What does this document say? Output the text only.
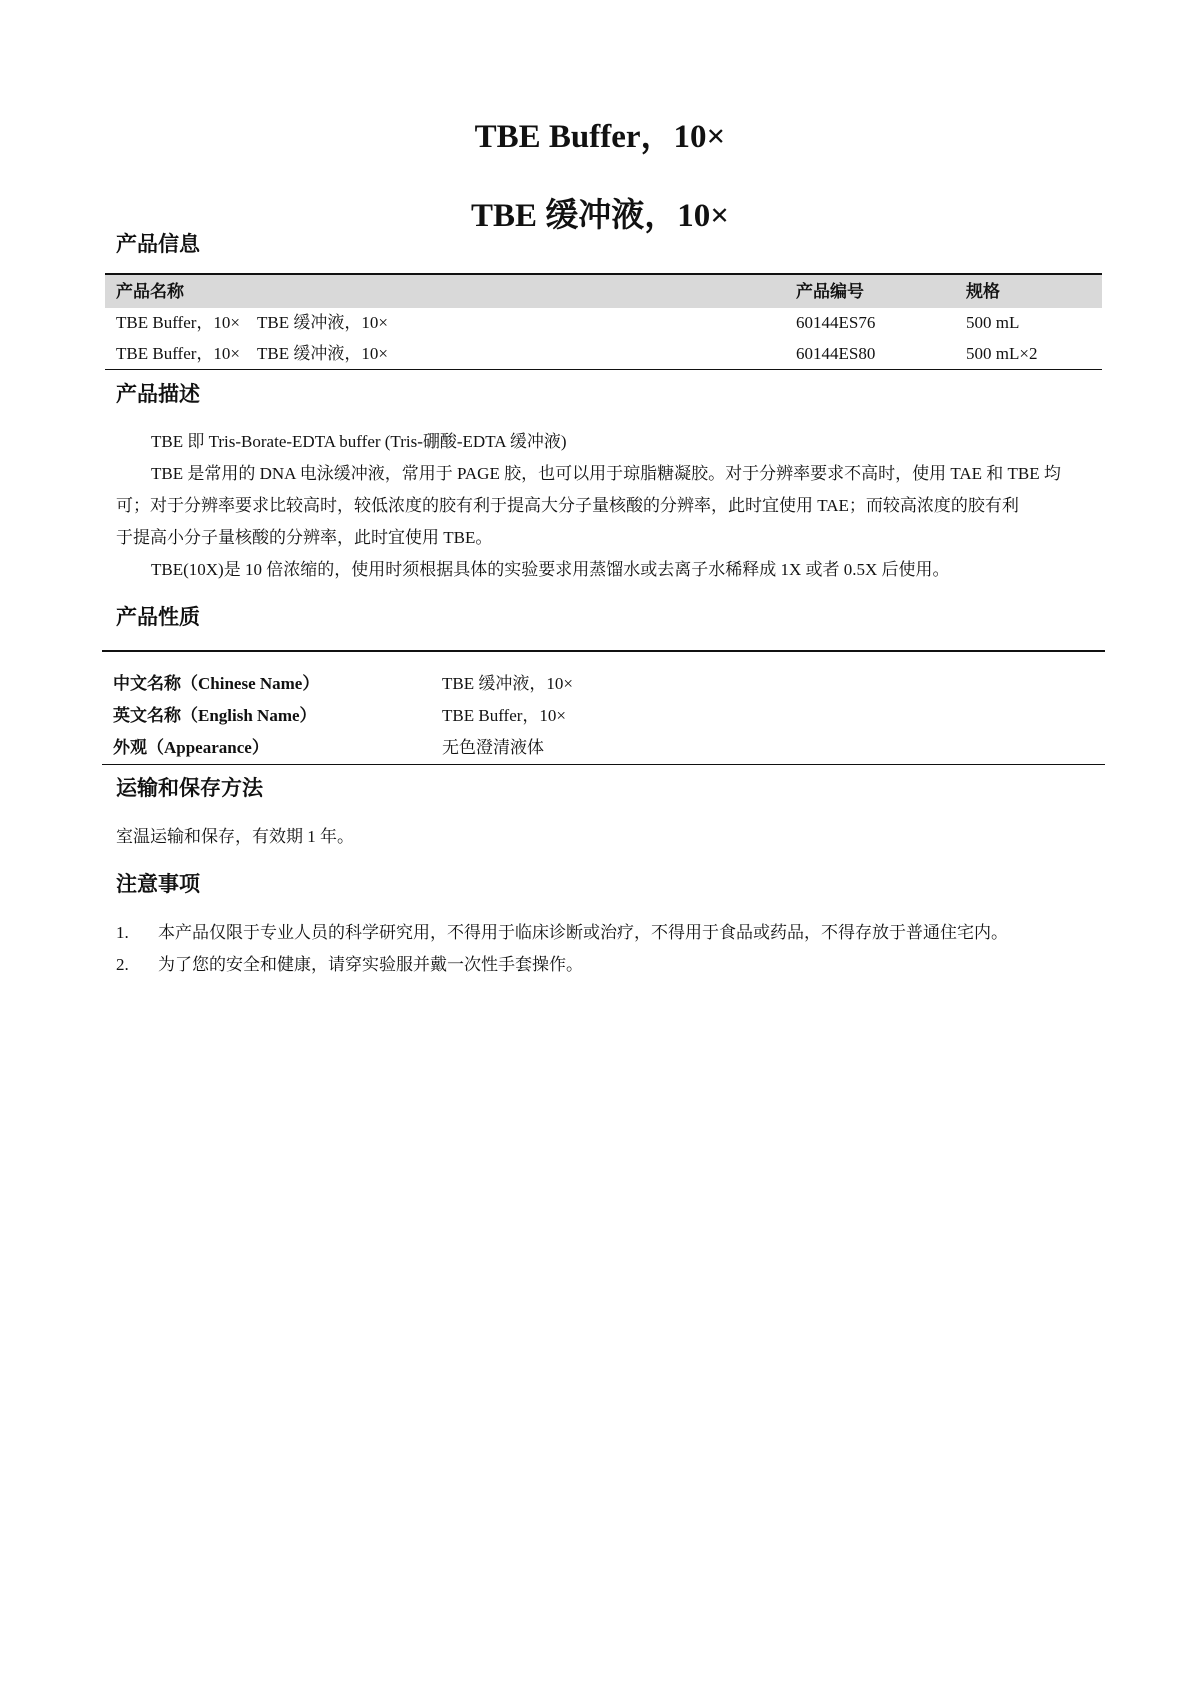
TBE Buffer，10×
TBE 缓冲液，10×
产品信息
产品名称	产品编号	规格
TBE Buffer，10×　TBE 缓冲液，10×	60144ES76	500 mL
TBE Buffer，10×　TBE 缓冲液，10×	60144ES80	500 mL×2
产品描述
TBE 即 Tris-Borate-EDTA buffer (Tris-硼酸-EDTA 缓冲液)
TBE 是常用的 DNA 电泳缓冲液，常用于 PAGE 胶，也可以用于琼脂糖凝胶。对于分辨率要求不高时，使用 TAE 和 TBE 均
可；对于分辨率要求比较高时，较低浓度的胶有利于提高大分子量核酸的分辨率，此时宜使用 TAE；而较高浓度的胶有利
于提高小分子量核酸的分辨率，此时宜使用 TBE。
TBE(10X)是 10 倍浓缩的，使用时须根据具体的实验要求用蒸馏水或去离子水稀释成 1X 或者 0.5X 后使用。
产品性质
中文名称（Chinese Name）	TBE 缓冲液，10×
英文名称（English Name）	TBE Buffer，10×
外观（Appearance）	无色澄清液体
运输和保存方法
室温运输和保存，有效期 1 年。
注意事项
1. 本产品仅限于专业人员的科学研究用，不得用于临床诊断或治疗，不得用于食品或药品，不得存放于普通住宅内。
2. 为了您的安全和健康，请穿实验服并戴一次性手套操作。
